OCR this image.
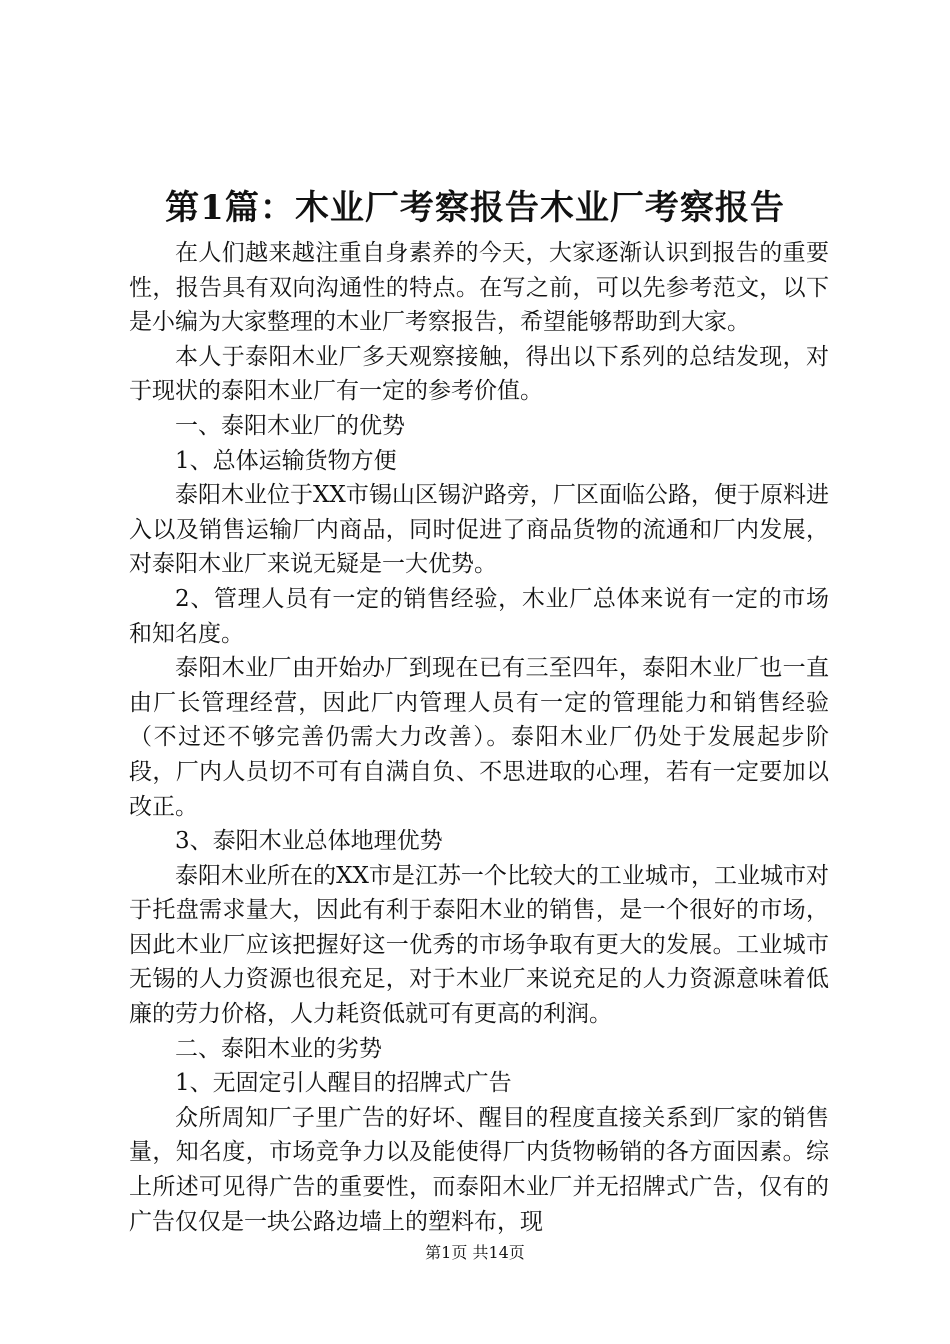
第1篇：木业厂考察报告木业厂考察报告

在人们越来越注重自身素养的今天，大家逐渐认识到报告的重要性，报告具有双向沟通性的特点。在写之前，可以先参考范文，以下是小编为大家整理的木业厂考察报告，希望能够帮助到大家。

本人于泰阳木业厂多天观察接触，得出以下系列的总结发现，对于现状的泰阳木业厂有一定的参考价值。

一、泰阳木业厂的优势

1、总体运输货物方便

泰阳木业位于XX市锡山区锡沪路旁，厂区面临公路，便于原料进入以及销售运输厂内商品，同时促进了商品货物的流通和厂内发展，对泰阳木业厂来说无疑是一大优势。

2、管理人员有一定的销售经验，木业厂总体来说有一定的市场和知名度。

泰阳木业厂由开始办厂到现在已有三至四年，泰阳木业厂也一直由厂长管理经营，因此厂内管理人员有一定的管理能力和销售经验（不过还不够完善仍需大力改善）。泰阳木业厂仍处于发展起步阶段，厂内人员切不可有自满自负、不思进取的心理，若有一定要加以改正。

3、泰阳木业总体地理优势

泰阳木业所在的XX市是江苏一个比较大的工业城市，工业城市对于托盘需求量大，因此有利于泰阳木业的销售，是一个很好的市场，因此木业厂应该把握好这一优秀的市场争取有更大的发展。工业城市无锡的人力资源也很充足，对于木业厂来说充足的人力资源意味着低廉的劳力价格，人力耗资低就可有更高的利润。

二、泰阳木业的劣势

1、无固定引人醒目的招牌式广告

众所周知厂子里广告的好坏、醒目的程度直接关系到厂家的销售量，知名度，市场竞争力以及能使得厂内货物畅销的各方面因素。综上所述可见得广告的重要性，而泰阳木业厂并无招牌式广告，仅有的广告仅仅是一块公路边墙上的塑料布，现

第1页 共14页
